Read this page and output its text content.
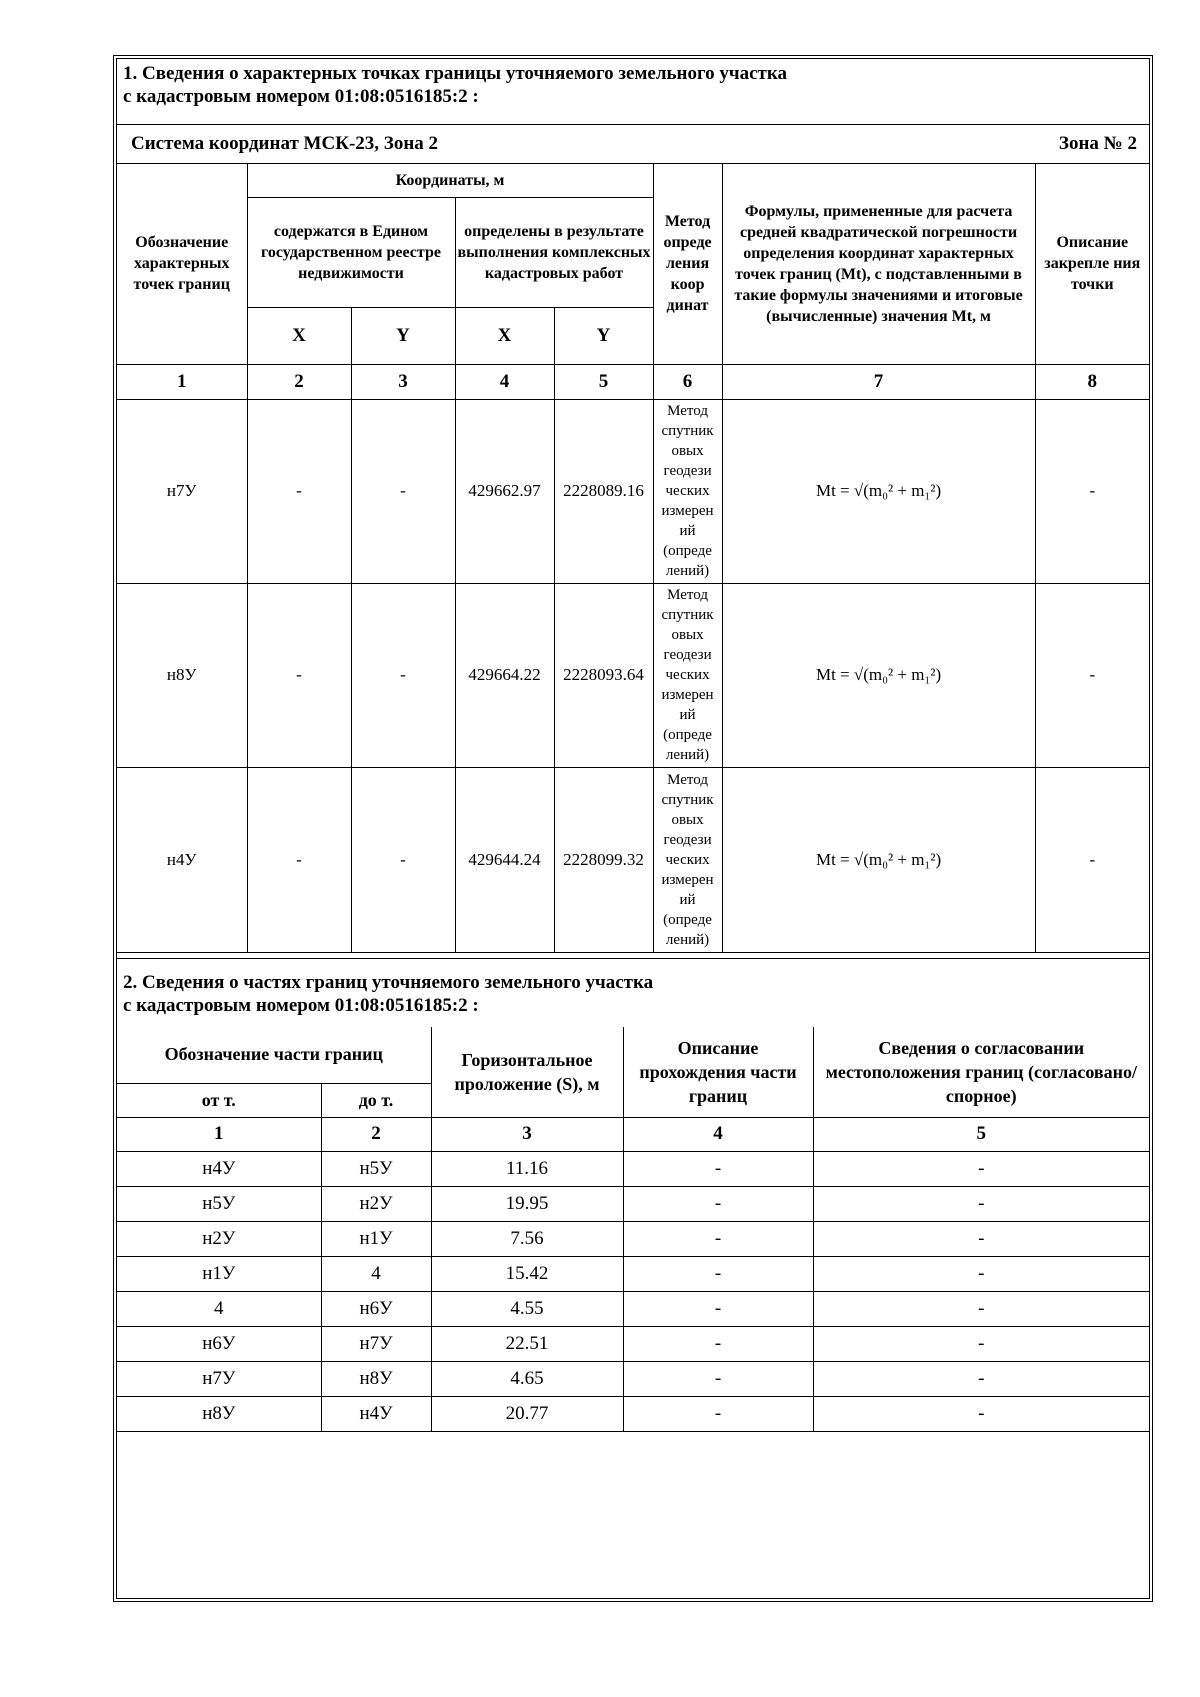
1. Сведения о характерных точках границы уточняемого земельного участка
с кадастровым номером 01:08:0516185:2 :
Система координат МСК-23, Зона 2	Зона № 2
Обозначение характерных точек границ	Координаты, м				Метод опреде ления коор динат	Формулы, примененные для расчета средней квадратической погрешности определения координат характерных точек границ (Mt), с подставленными в такие формулы значениями и итоговые (вычисленные) значения Mt, м	Описание закрепле ния точки
	содержатся в Едином государственном реестре недвижимости		определены в результате выполнения комплексных кадастровых работ				
	X	Y	X	Y			
1	2	3	4	5	6	7	8
н7У	-	-	429662.97	2228089.16	Метод спутник овых геодези ческих измерен ий (опреде лений)	Mt = √(m₀² + m₁²)	-
н8У	-	-	429664.22	2228093.64	Метод спутник овых геодези ческих измерен ий (опреде лений)	Mt = √(m₀² + m₁²)	-
н4У	-	-	429644.24	2228099.32	Метод спутник овых геодези ческих измерен ий (опреде лений)	Mt = √(m₀² + m₁²)	-
2. Сведения о частях границ уточняемого земельного участка
с кадастровым номером 01:08:0516185:2 :
Обозначение части границ		Горизонтальное проложение (S), м	Описание прохождения части границ	Сведения о согласовании местоположения границ (согласовано/спорное)
от т.	до т.			
1	2	3	4	5
н4У	н5У	11.16	-	-
н5У	н2У	19.95	-	-
н2У	н1У	7.56	-	-
н1У	4	15.42	-	-
4	н6У	4.55	-	-
н6У	н7У	22.51	-	-
н7У	н8У	4.65	-	-
н8У	н4У	20.77	-	-
